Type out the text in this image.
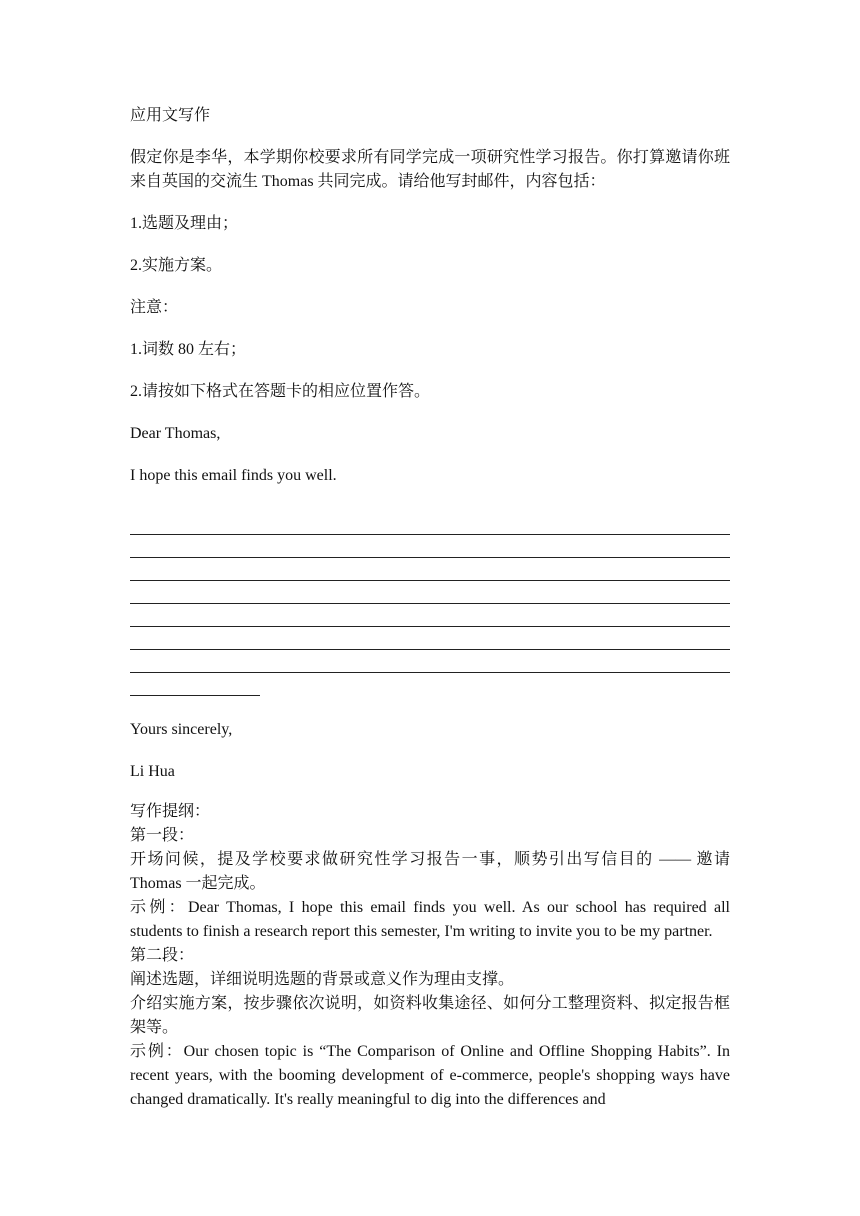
应用文写作

假定你是李华，本学期你校要求所有同学完成一项研究性学习报告。你打算邀请你班来自英国的交流生 Thomas 共同完成。请给他写封邮件，内容包括：

1.选题及理由；

2.实施方案。

注意：

1.词数 80 左右；

2.请按如下格式在答题卡的相应位置作答。

Dear Thomas,

I hope this email finds you well.

Yours sincerely,

Li Hua

写作提纲：

第一段：

开场问候，提及学校要求做研究性学习报告一事，顺势引出写信目的 —— 邀请 Thomas 一起完成。

示例：Dear Thomas, I hope this email finds you well. As our school has required all students to finish a research report this semester, I'm writing to invite you to be my partner.

第二段：

阐述选题，详细说明选题的背景或意义作为理由支撑。

介绍实施方案，按步骤依次说明，如资料收集途径、如何分工整理资料、拟定报告框架等。

示例：Our chosen topic is “The Comparison of Online and Offline Shopping Habits”. In recent years, with the booming development of e-commerce, people's shopping ways have changed dramatically. It's really meaningful to dig into the differences and
